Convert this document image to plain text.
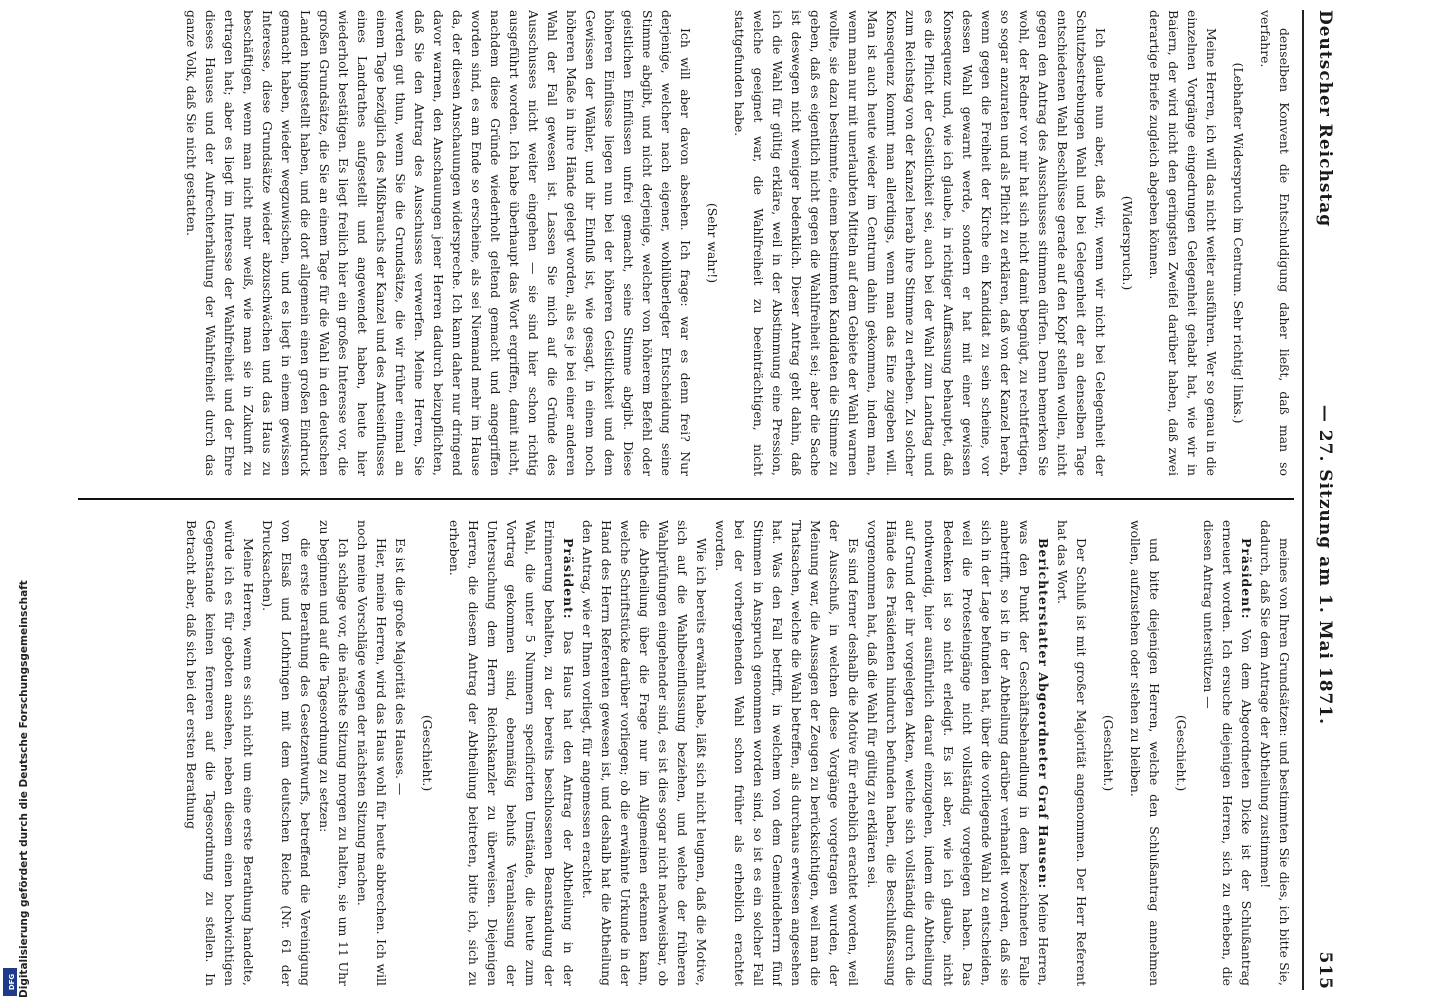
Digitalisierung gefördert durch die Deutsche Forschungsgemeinschaft
DFG
Deutscher Reichstag
— 27. Sitzung am 1. Mai 1871.
515

denselben Konvent die Entschuldigung daher ließt, daß man so verfahre.

(Lebhafter Widerspruch im Centrum. Sehr richtig! links.)

Meine Herren, ich will das nicht weiter ausführen. Wer so genau in die einzelnen Vorgänge eingedrungen Gelegenheit gehabt hat, wie wir in Baiern, der wird nicht den geringsten Zweifel darüber haben, daß zwei derartige Briefe zugleich abgeben können.

(Widerspruch.)

Ich glaube nun aber, daß wir, wenn wir nicht bei Gelegenheit der Schutzbestrebungen Wahl und bei Gelegenheit der an denselben Tage entschiedenen Wahl Beschlüsse gerade auf den Kopf stellen wollen, nicht gegen den Antrag des Ausschusses stimmen dürfen. Denn bemerken Sie wohl, der Redner vor mir hat sich nicht damit begnügt, zu rechtfertigen, so sogar anzuraten und als Pflicht zu erklären, daß von der Kanzel herab, wenn gegen die Freiheit der Kirche ein Kandidat zu sein scheine, vor dessen Wahl gewarnt werde, sondern er hat mit einer gewissen Konsequenz und, wie ich glaube, in richtiger Auffassung behauptet, daß es die Pflicht der Geistlichkeit sei, auch bei der Wahl zum Landtag und zum Reichstag von der Kanzel herab ihre Stimme zu erheben. Zu solcher Konsequenz kommt man allerdings, wenn man das Eine zugeben will. Man ist auch heute wieder im Centrum dahin gekommen, indem man, wenn man nur mit unerlaubten Mitteln auf dem Gebiete der Wahl warnen wollte, sie dazu bestimmte, einem bestimmten Kandidaten die Stimme zu geben, daß es eigentlich nicht gegen die Wahlfreiheit sei; aber die Sache ist deswegen nicht weniger bedenklich. Dieser Antrag geht dahin, daß ich die Wahl für gültig erkläre, weil in der Abstimmung eine Pression, welche geeignet war, die Wahlfreiheit zu beeinträchtigen, nicht stattgefunden habe.

(Sehr wahr!)

Ich will aber davon absehen. Ich frage: war es denn frei? Nur derjenige, welcher nach eigener, wohlüberlegter Entscheidung seine Stimme abgibt, und nicht derjenige, welcher von höherem Befehl oder geistlichen Einflüssen unfrei gemacht, seine Stimme abgibt. Diese höheren Einflüsse liegen nun bei der höheren Geistlichkeit und dem Gewissen der Wähler, und ihr Einfluß ist, wie gesagt, in einem noch höheren Maße in ihre Hände gelegt worden, als es je bei einer anderen Wahl der Fall gewesen ist. Lassen Sie mich auf die Gründe des Ausschusses nicht weiter eingehen — sie sind hier schon richtig ausgeführt worden. Ich habe überhaupt das Wort ergriffen, damit nicht, nachdem diese Gründe wiederholt geltend gemacht und angegriffen worden sind, es am Ende so erscheine, als sei Niemand mehr im Hause da, der diesen Anschauungen widerspreche. Ich kann daher nur dringend davor warnen, den Anschauungen jener Herren dadurch beizupflichten, daß Sie den Antrag des Ausschusses verwerfen. Meine Herren, Sie werden gut thun, wenn Sie die Grundsätze, die wir früher einmal an einem Tage bezüglich des Mißbrauchs der Kanzel und des Amtseinflusses eines Landrathes aufgestellt und angewendet haben, heute hier wiederholt bestätigen. Es liegt freilich hier ein großes Interesse vor, die großen Grundsätze, die Sie an einem Tage für die Wahl in den deutschen Landen hingestellt haben, und die dort allgemein einen großen Eindruck gemacht haben, wieder wegzuwischen, und es liegt in einem gewissen Interesse, diese Grundsätze wieder abzuschwächen und das Haus zu beschäftigen, wenn man nicht mehr weiß, wie man sie in Zukunft zu ertragen hat; aber es liegt im Interesse der Wahlfreiheit und der Ehre dieses Hauses und der Aufrechterhaltung der Wahlfreiheit durch das ganze Volk, daß Sie nicht gestatten.

meines von Ihren Grundsätzen: und bestimmten Sie dies, ich bitte Sie, dadurch, daß Sie dem Antrage der Abtheilung zustimmen!

Präsident: Von dem Abgeordneten Dicke ist der Schlußantrag erneuert worden. Ich ersuche diejenigen Herren, sich zu erheben, die diesen Antrag unterstützen —

(Geschieht.)

und bitte diejenigen Herren, welche den Schlußantrag annehmen wollen, aufzustehen oder stehen zu bleiben.

(Geschieht.)

Der Schluß ist mit großer Majorität angenommen. Der Herr Referent hat das Wort.

Berichterstatter Abgeordneter Graf Hausen: Meine Herren, was den Punkt der Geschäftsbehandlung in dem bezeichneten Falle anbetrifft, so ist in der Abtheilung darüber verhandelt worden, daß sie sich in der Lage befunden hat, über die vorliegende Wahl zu entscheiden, weil die Protesteingänge nicht vollständig vorgelegen haben. Das Bedenken ist so nicht erledigt. Es ist aber, wie ich glaube, nicht nothwendig, hier ausführlich darauf einzugehen, indem die Abtheilung auf Grund der ihr vorgelegten Akten, welche sich vollständig durch die Hände des Präsidenten hindurch befunden haben, die Beschlußfassung vorgenommen hat, daß die Wahl für gültig zu erklären sei.

Es sind ferner deshalb die Motive für erheblich erachtet worden, weil der Ausschuß, in welchen diese Vorgänge vorgetragen wurden, der Meinung war, die Aussagen der Zeugen zu berücksichtigen, weil man die Thatsachen, welche die Wahl betreffen, als durchaus erwiesen angesehen hat. Was den Fall betrifft, in welchem von dem Gemeindeherrn fünf Stimmen in Anspruch genommen worden sind, so ist es ein solcher Fall bei der vorhergehenden Wahl schon früher als erheblich erachtet worden.

Wie ich bereits erwähnt habe, läßt sich nicht leugnen, daß die Motive, sich auf die Wahlbeeinflussung beziehen, und welche der früheren Wahlprüfungen eingehender sind, es ist dies sogar nicht nachweisbar, ob die Abtheilung über die Frage nur im Allgemeinen erkennen kann, welche Schriftstücke darüber vorliegen; ob die erwähnte Urkunde in der Hand des Herrn Referenten gewesen ist, und deshalb hat die Abtheilung den Antrag, wie er Ihnen vorliegt, für angemessen erachtet.

Präsident: Das Haus hat den Antrag der Abtheilung in der Erinnerung behalten, zu der bereits beschlossenen Beanstandung der Wahl, die unter 5 Nummern specificirten Umstände, die heute zum Vortrag gekommen sind, ebenmäßig behufs Veranlassung der Untersuchung dem Herrn Reichskanzler zu überweisen. Diejenigen Herren, die diesem Antrag der Abtheilung beitreten, bitte ich, sich zu erheben.

(Geschieht.)

Es ist die große Majorität des Hauses. —

Hier, meine Herren, wird das Haus wohl für heute abbrechen. Ich will noch meine Vorschläge wegen der nächsten Sitzung machen.

Ich schlage vor, die nächste Sitzung morgen zu halten, sie um 11 Uhr zu beginnen und auf die Tagesordnung zu setzen:

die erste Berathung des Gesetzentwurfs, betreffend die Vereinigung von Elsaß und Lothringen mit dem deutschen Reiche (Nr. 61 der Drucksachen).

Meine Herren, wenn es sich nicht um eine erste Berathung handelte, würde ich es für geboten ansehen, neben diesem einen hochwichtigen Gegenstande keinen ferneren auf die Tagesordnung zu stellen. In Betracht aber, daß sich bei der ersten Berathung
